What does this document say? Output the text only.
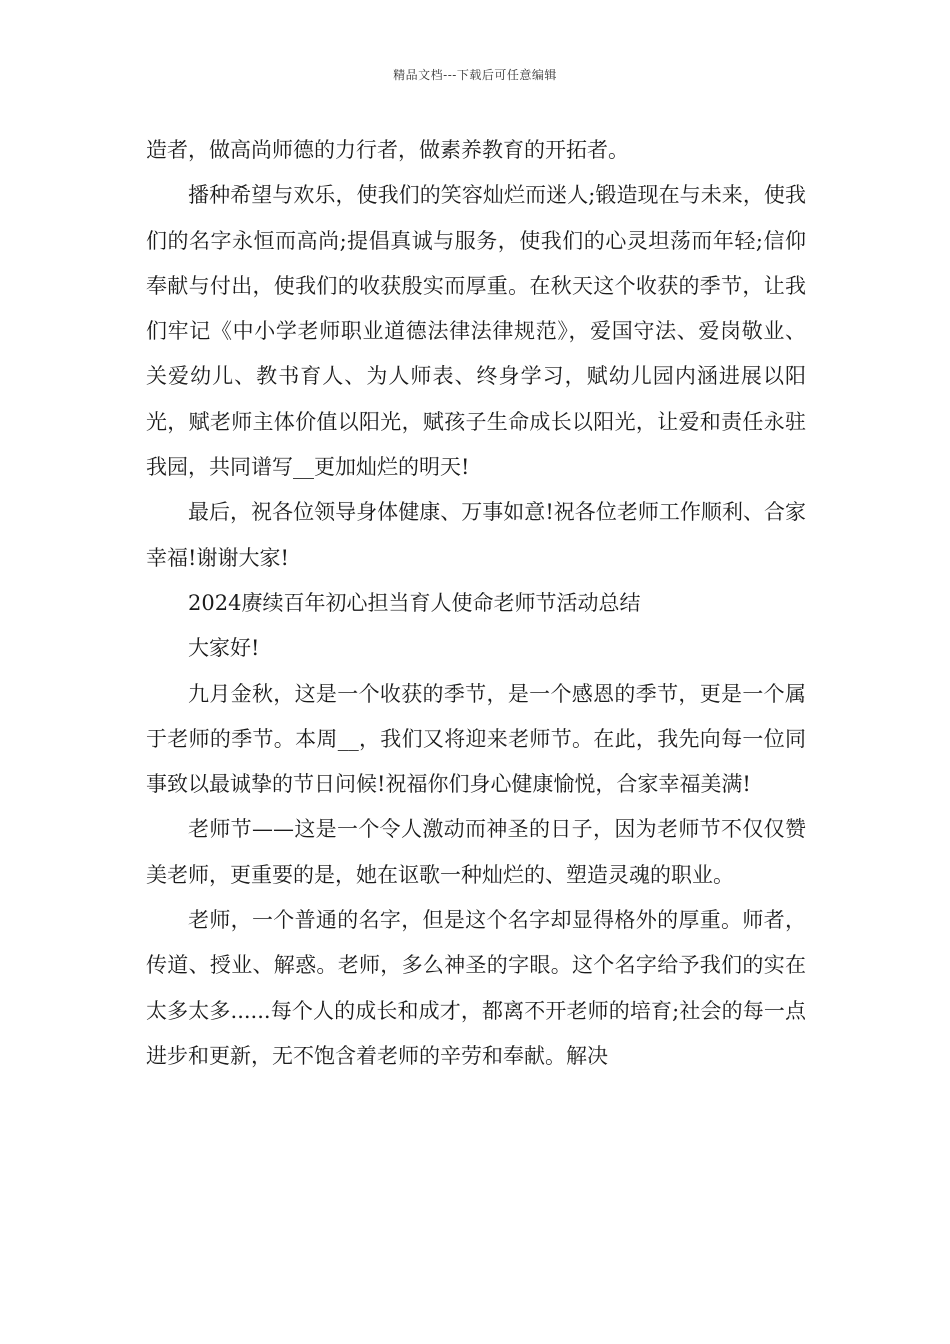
精品文档---下载后可任意编辑

造者，做高尚师德的力行者，做素养教育的开拓者。

播种希望与欢乐，使我们的笑容灿烂而迷人;锻造现在与未来，使我们的名字永恒而高尚;提倡真诚与服务，使我们的心灵坦荡而年轻;信仰奉献与付出，使我们的收获殷实而厚重。在秋天这个收获的季节，让我们牢记《中小学老师职业道德法律法律规范》，爱国守法、爱岗敬业、关爱幼儿、教书育人、为人师表、终身学习，赋幼儿园内涵进展以阳光，赋老师主体价值以阳光，赋孩子生命成长以阳光，让爱和责任永驻我园，共同谱写__更加灿烂的明天!

最后，祝各位领导身体健康、万事如意!祝各位老师工作顺利、合家幸福!谢谢大家!

2024赓续百年初心担当育人使命老师节活动总结

大家好!

九月金秋，这是一个收获的季节，是一个感恩的季节，更是一个属于老师的季节。本周__，我们又将迎来老师节。在此，我先向每一位同事致以最诚挚的节日问候!祝福你们身心健康愉悦，合家幸福美满!

老师节——这是一个令人激动而神圣的日子，因为老师节不仅仅赞美老师，更重要的是，她在讴歌一种灿烂的、塑造灵魂的职业。

老师，一个普通的名字，但是这个名字却显得格外的厚重。师者，传道、授业、解惑。老师，多么神圣的字眼。这个名字给予我们的实在太多太多......每个人的成长和成才，都离不开老师的培育;社会的每一点进步和更新，无不饱含着老师的辛劳和奉献。解决
